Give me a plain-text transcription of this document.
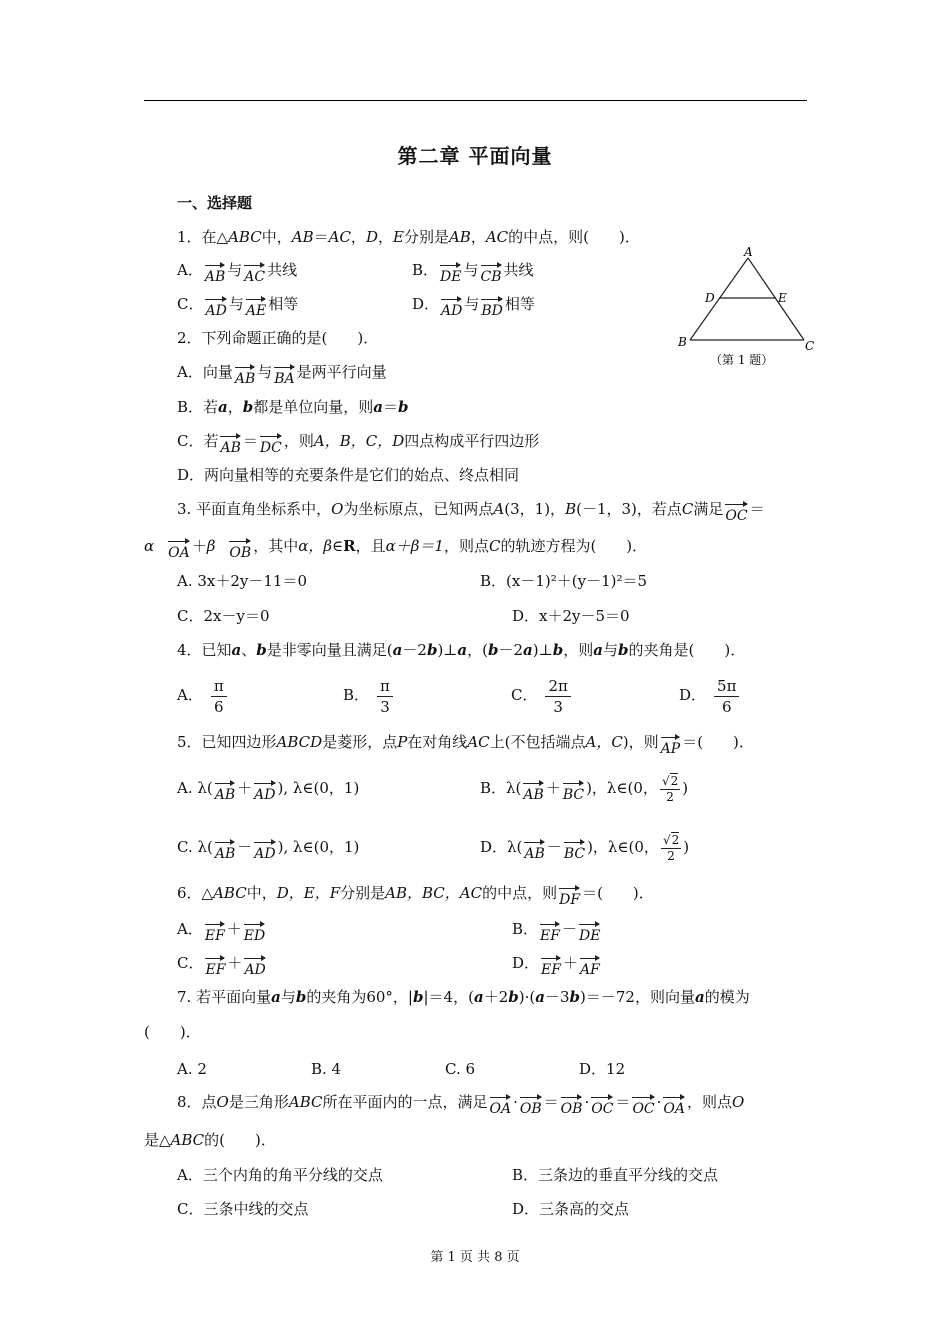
第二章 平面向量
一、选择题
A
D	E
B	C
（第 1 题）
1．在△ABC中，AB＝AC，D，E分别是AB，AC的中点，则(　　)．
A． AB 与 AC 共线	B． DE 与 CB 共线
C． AD 与 AE 相等	D． AD 与 BD 相等
2．下列命题正确的是(　　)．
A．向量 AB 与 BA 是两平行向量
B．若a，b都是单位向量，则a＝b
C．若 AB ＝ DC ，则A，B，C，D四点构成平行四边形
D．两向量相等的充要条件是它们的始点、终点相同
3. 平面直角坐标系中，O为坐标原点，已知两点A(3，1)，B(－1，3)，若点C满足 OC ＝
α OA ＋β OB ，其中α，β∈R，且α＋β＝1，则点C的轨迹方程为(　　)．
A. 3x＋2y－11＝0	B．(x－1)²＋(y－1)²＝5
C．2x－y＝0	D．x＋2y－5＝0
4．已知a、b是非零向量且满足(a－2b)⊥a，(b－2a)⊥b，则a与b的夹角是(　　)．
A． $\frac{\pi}{6}$	B． $\frac{\pi}{3}$	C． $\frac{2\pi}{3}$	D． $\frac{5\pi}{6}$
5．已知四边形ABCD是菱形，点P在对角线AC上(不包括端点A，C)，则 AP ＝(　　)．
A. λ( AB ＋ AD ), λ∈(0，1)	B．λ( AB ＋ BC )，λ∈(0， $\frac{√2}{2}$ )
C. λ( AB － AD ), λ∈(0，1)	D．λ( AB － BC )，λ∈(0， $\frac{√2}{2}$ )
6．△ABC中，D，E，F分别是AB，BC，AC的中点，则 DF ＝(　　)．
A． EF ＋ ED	B． EF － DE
C． EF ＋ AD	D． EF ＋ AF
7. 若平面向量a与b的夹角为60°，|b|＝4，(a＋2b)·(a－3b)＝－72，则向量a的模为
(　　)．
A. 2	B. 4	C. 6	D．12
8．点O是三角形ABC所在平面内的一点，满足 OA · OB ＝ OB · OC ＝ OC · OA ，则点O
是△ABC的(　　)．
A．三个内角的角平分线的交点	B．三条边的垂直平分线的交点
C．三条中线的交点	D．三条高的交点
第 1 页 共 8 页
